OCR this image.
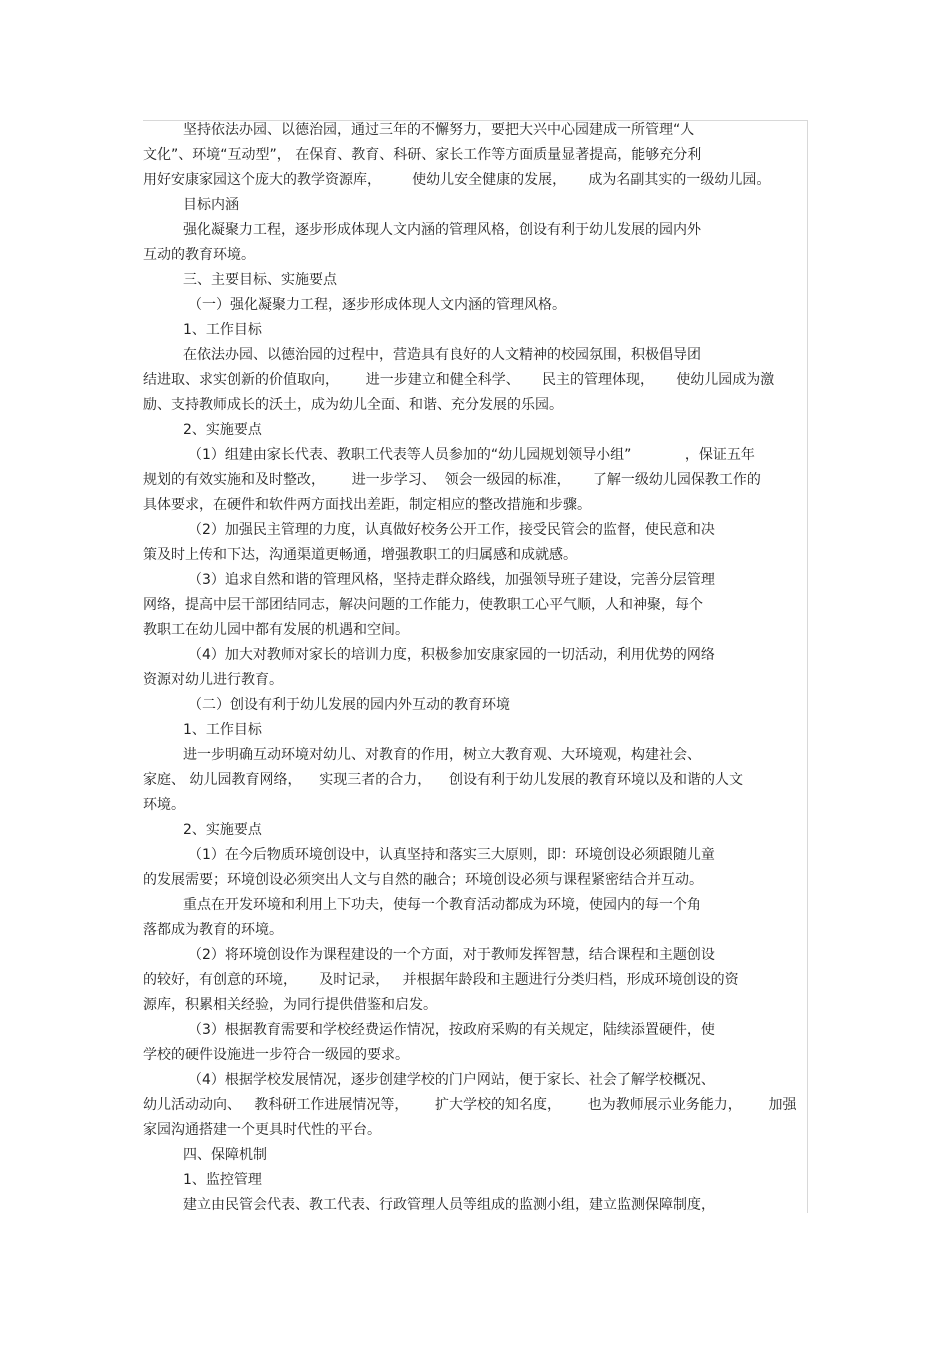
坚持依法办园、以德治园，通过三年的不懈努力，要把大兴中心园建成一所管理“人
文化”、环境“互动型”， 在保育、教育、科研、家长工作等方面质量显著提高，能够充分利
用好安康家园这个庞大的教学资源库，       使幼儿安全健康的发展，     成为名副其实的一级幼儿园。
目标内涵
强化凝聚力工程，逐步形成体现人文内涵的管理风格，创设有利于幼儿发展的园内外
互动的教育环境。
三、主要目标、实施要点
（一）强化凝聚力工程，逐步形成体现人文内涵的管理风格。
1、工作目标
在依法办园、以德治园的过程中，营造具有良好的人文精神的校园氛围，积极倡导团
结进取、求实创新的价值取向，      进一步建立和健全科学、     民主的管理体现，     使幼儿园成为激
励、支持教师成长的沃土，成为幼儿全面、和谐、充分发展的乐园。
2、实施要点
（1）组建由家长代表、教职工代表等人员参加的“幼儿园规划领导小组”            ，保证五年
规划的有效实施和及时整改，      进一步学习、  领会一级园的标准，     了解一级幼儿园保教工作的
具体要求，在硬件和软件两方面找出差距，制定相应的整改措施和步骤。
（2）加强民主管理的力度，认真做好校务公开工作，接受民管会的监督，使民意和决
策及时上传和下达，沟通渠道更畅通，增强教职工的归属感和成就感。
（3）追求自然和谐的管理风格，坚持走群众路线，加强领导班子建设，完善分层管理
网络，提高中层干部团结同志，解决问题的工作能力，使教职工心平气顺，人和神聚，每个
教职工在幼儿园中都有发展的机遇和空间。
（4）加大对教师对家长的培训力度，积极参加安康家园的一切活动，利用优势的网络
资源对幼儿进行教育。
（二）创设有利于幼儿发展的园内外互动的教育环境
1、工作目标
进一步明确互动环境对幼儿、对教育的作用，树立大教育观、大环境观，构建社会、
家庭、 幼儿园教育网络，    实现三者的合力，    创设有利于幼儿发展的教育环境以及和谐的人文
环境。
2、实施要点
（1）在今后物质环境创设中，认真坚持和落实三大原则，即：环境创设必须跟随儿童
的发展需要；环境创设必须突出人文与自然的融合；环境创设必须与课程紧密结合并互动。
重点在开发环境和利用上下功夫，使每一个教育活动都成为环境，使园内的每一个角
落都成为教育的环境。
（2）将环境创设作为课程建设的一个方面，对于教师发挥智慧，结合课程和主题创设
的较好，有创意的环境，     及时记录，   并根据年龄段和主题进行分类归档，形成环境创设的资
源库，积累相关经验，为同行提供借鉴和启发。
（3）根据教育需要和学校经费运作情况，按政府采购的有关规定，陆续添置硬件，使
学校的硬件设施进一步符合一级园的要求。
（4）根据学校发展情况，逐步创建学校的门户网站，便于家长、社会了解学校概况、
幼儿活动动向、   教科研工作进展情况等，      扩大学校的知名度，      也为教师展示业务能力，      加强
家园沟通搭建一个更具时代性的平台。
四、保障机制
1、监控管理
建立由民管会代表、教工代表、行政管理人员等组成的监测小组，建立监测保障制度，
